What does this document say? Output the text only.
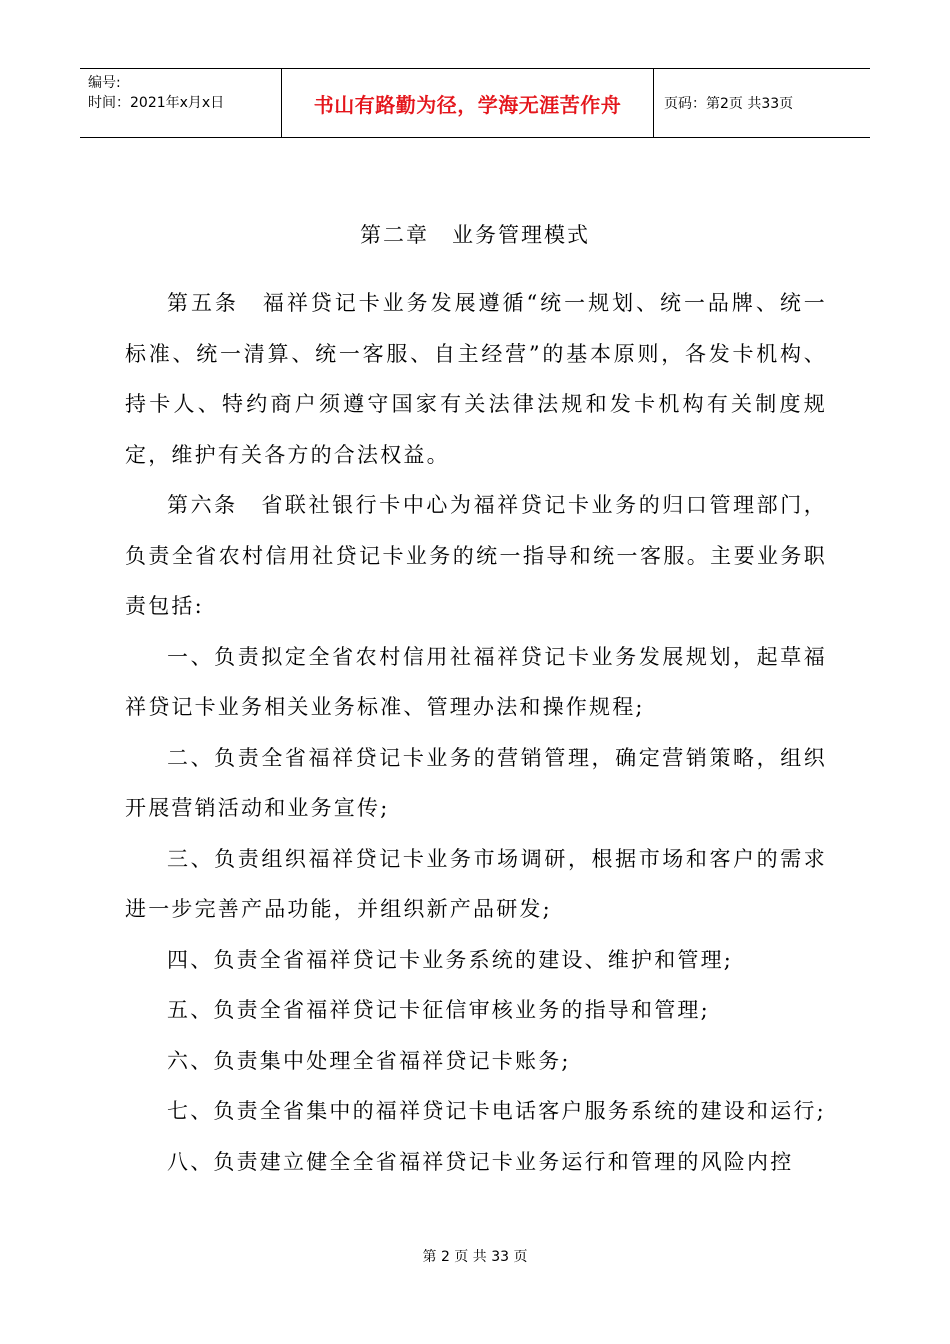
编号:
时间：2021年x月x日	书山有路勤为径，学海无涯苦作舟	页码：第2页 共33页
第二章　业务管理模式

第五条　福祥贷记卡业务发展遵循“统一规划、统一品牌、统一标准、统一清算、统一客服、自主经营”的基本原则，各发卡机构、持卡人、特约商户须遵守国家有关法律法规和发卡机构有关制度规定，维护有关各方的合法权益。

第六条　省联社银行卡中心为福祥贷记卡业务的归口管理部门，负责全省农村信用社贷记卡业务的统一指导和统一客服。主要业务职责包括:

一、负责拟定全省农村信用社福祥贷记卡业务发展规划，起草福祥贷记卡业务相关业务标准、管理办法和操作规程;

二、负责全省福祥贷记卡业务的营销管理，确定营销策略，组织开展营销活动和业务宣传;

三、负责组织福祥贷记卡业务市场调研，根据市场和客户的需求进一步完善产品功能，并组织新产品研发;

四、负责全省福祥贷记卡业务系统的建设、维护和管理;

五、负责全省福祥贷记卡征信审核业务的指导和管理;

六、负责集中处理全省福祥贷记卡账务;

七、负责全省集中的福祥贷记卡电话客户服务系统的建设和运行;

八、负责建立健全全省福祥贷记卡业务运行和管理的风险内控

第 2 页 共 33 页
